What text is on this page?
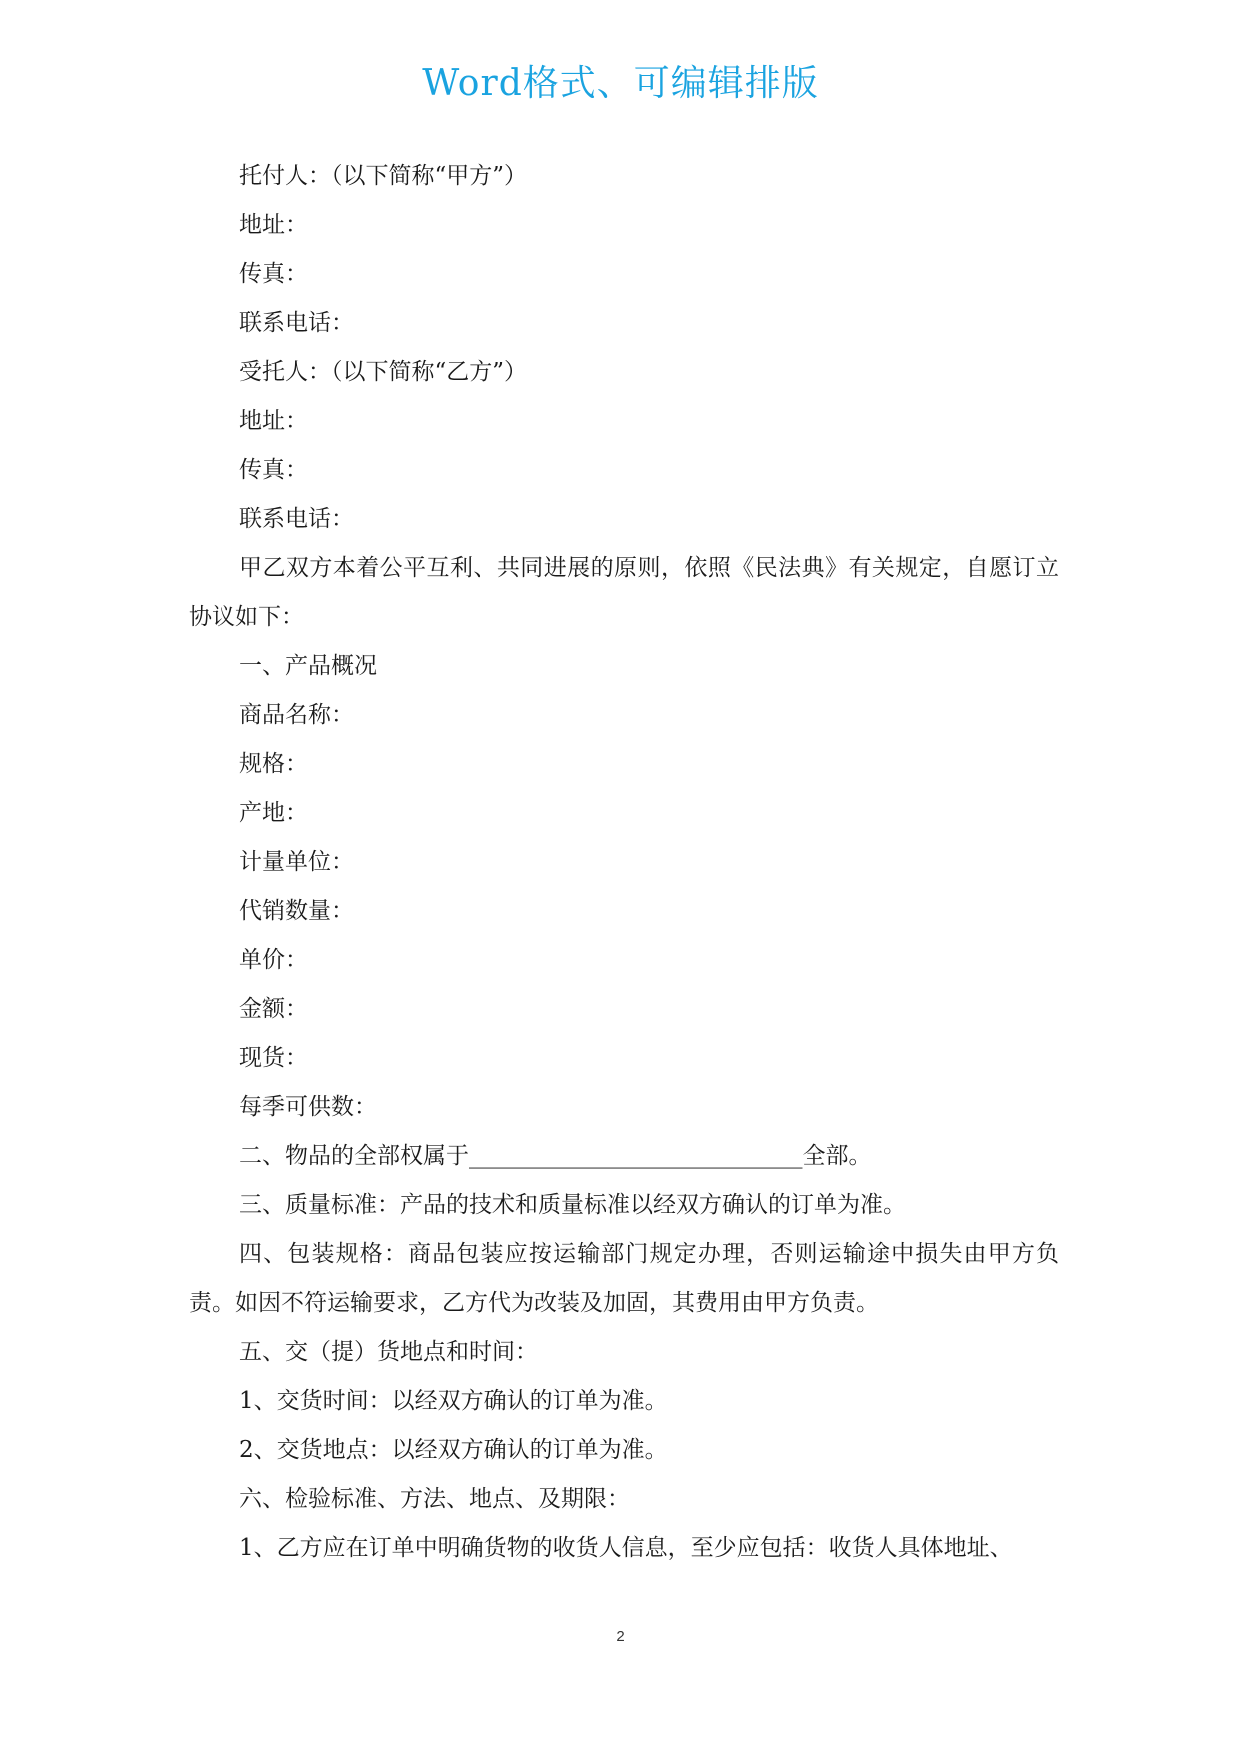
Word格式、可编辑排版

托付人：（以下简称“甲方”）

地址：

传真：

联系电话：

受托人：（以下简称“乙方”）

地址：

传真：

联系电话：

甲乙双方本着公平互利、共同进展的原则，依照《民法典》有关规定，自愿订立协议如下：

一、产品概况

商品名称：

规格：

产地：

计量单位：

代销数量：

单价：

金额：

现货：

每季可供数：

二、物品的全部权属于_____________________________全部。

三、质量标准：产品的技术和质量标准以经双方确认的订单为准。

四、包装规格：商品包装应按运输部门规定办理，否则运输途中损失由甲方负责。如因不符运输要求，乙方代为改装及加固，其费用由甲方负责。

五、交（提）货地点和时间：

1、交货时间：以经双方确认的订单为准。

2、交货地点：以经双方确认的订单为准。

六、检验标准、方法、地点、及期限：

1、乙方应在订单中明确货物的收货人信息，至少应包括：收货人具体地址、

2
